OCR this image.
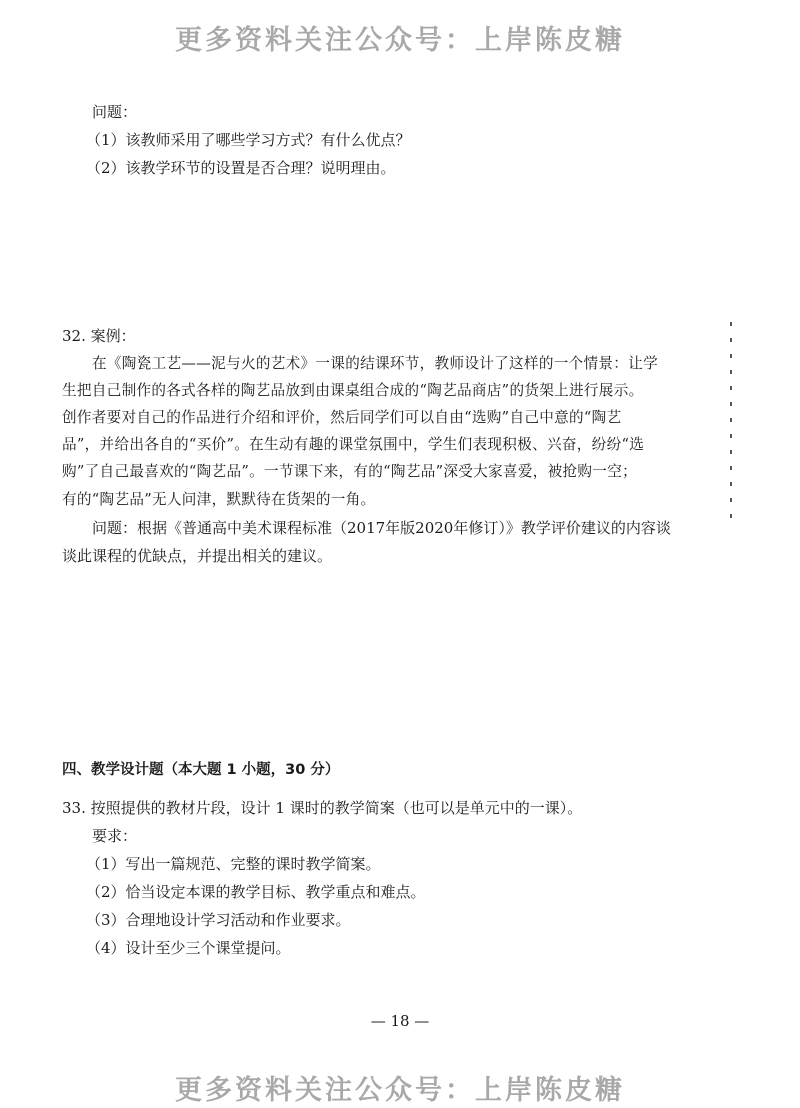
更多资料关注公众号：上岸陈皮糖
问题：
（1）该教师采用了哪些学习方式？有什么优点？
（2）该教学环节的设置是否合理？说明理由。
32. 案例：
在《陶瓷工艺——泥与火的艺术》一课的结课环节，教师设计了这样的一个情景：让学
生把自己制作的各式各样的陶艺品放到由课桌组合成的“陶艺品商店”的货架上进行展示。
创作者要对自己的作品进行介绍和评价，然后同学们可以自由“选购”自己中意的“陶艺
品”，并给出各自的“买价”。在生动有趣的课堂氛围中，学生们表现积极、兴奋，纷纷“选
购”了自己最喜欢的“陶艺品”。一节课下来，有的“陶艺品”深受大家喜爱，被抢购一空；
有的“陶艺品”无人问津，默默待在货架的一角。
问题：根据《普通高中美术课程标准（2017年版2020年修订）》教学评价建议的内容谈
谈此课程的优缺点，并提出相关的建议。
四、教学设计题（本大题 1 小题，30 分）
33. 按照提供的教材片段，设计 1 课时的教学简案（也可以是单元中的一课）。
要求：
（1）写出一篇规范、完整的课时教学简案。
（2）恰当设定本课的教学目标、教学重点和难点。
（3）合理地设计学习活动和作业要求。
（4）设计至少三个课堂提问。
— 18 —
更多资料关注公众号：上岸陈皮糖
